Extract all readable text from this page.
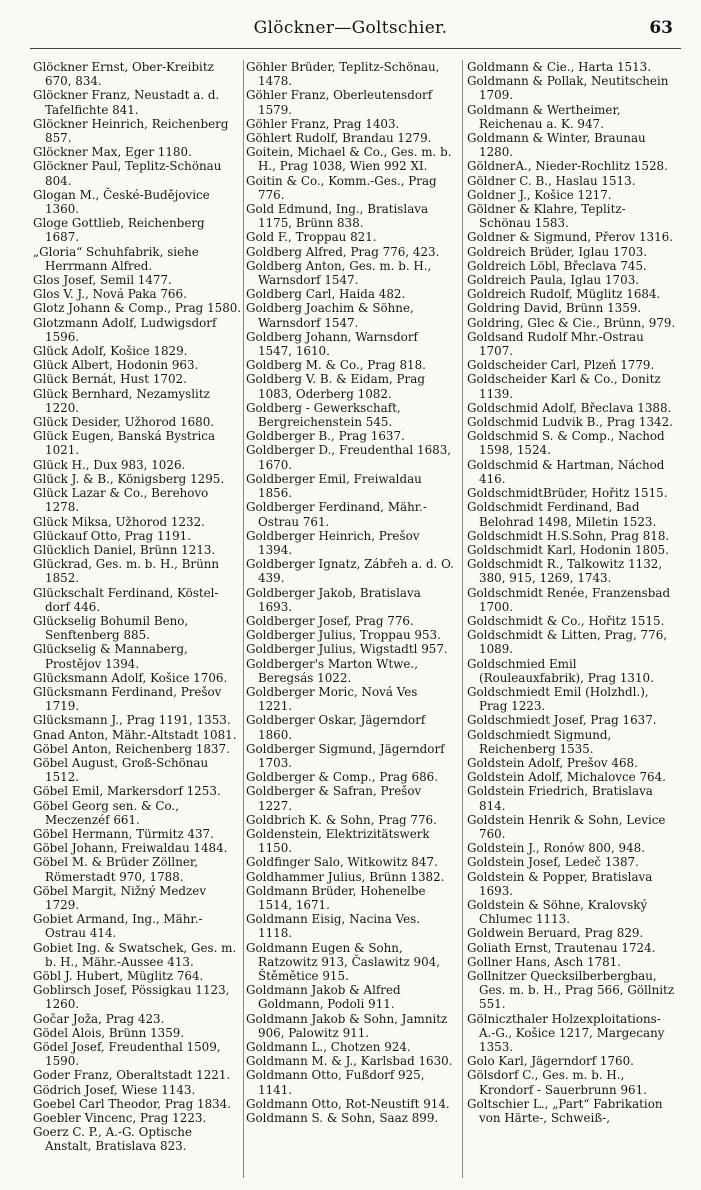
Glöckner—Goltschier.	63

Glöckner Ernst, Ober-Kreibitz 670, 834.

Glöckner Franz, Neustadt a. d. Tafelfichte 841.

Glöckner Heinrich, Reichenberg 857.

Glöckner Max, Eger 1180.

Glöckner Paul, Teplitz-Schönau 804.

Glogan M., České-Budějovice 1360.

Gloge Gottlieb, Reichenberg 1687.

„Gloria“ Schuhfabrik, siehe Herrmann Alfred.

Glos Josef, Semil 1477.

Glos V. J., Nová Paka 766.

Glotz Johann & Comp., Prag 1580.

Glotzmann Adolf, Ludwigsdorf 1596.

Glück Adolf, Košice 1829.

Glück Albert, Hodonin 963.

Glück Bernát, Hust 1702.

Glück Bernhard, Nezamyslitz 1220.

Glück Desider, Užhorod 1680.

Glück Eugen, Banská Bystrica 1021.

Glück H., Dux 983, 1026.

Glück J. & B., Königsberg 1295.

Glück Lazar & Co., Berehovo 1278.

Glück Miksa, Užhorod 1232.

Glückauf Otto, Prag 1191.

Glücklich Daniel, Brünn 1213.

Glückrad, Ges. m. b. H., Brünn 1852.

Glückschalt Ferdinand, Köstel-dorf 446.

Glückselig Bohumil Beno, Senftenberg 885.

Glückselig & Mannaberg, Prostějov 1394.

Glücksmann Adolf, Košice 1706.

Glücksmann Ferdinand, Prešov 1719.

Glücksmann J., Prag 1191, 1353.

Gnad Anton, Mähr.-Altstadt 1081.

Göbel Anton, Reichenberg 1837.

Göbel August, Groß-Schönau 1512.

Göbel Emil, Markersdorf 1253.

Göbel Georg sen. & Co., Meczenzéf 661.

Göbel Hermann, Türmitz 437.

Göbel Johann, Freiwaldau 1484.

Göbel M. & Brüder Zöllner, Römerstadt 970, 1788.

Göbel Margit, Nižný Medzev 1729.

Gobiet Armand, Ing., Mähr.-Ostrau 414.

Gobiet Ing. & Swatschek, Ges. m. b. H., Mähr.-Aussee 413.

Göbl J. Hubert, Müglitz 764.

Goblirsch Josef, Pössigkau 1123, 1260.

Gočar Joža, Prag 423.

Gödel Alois, Brünn 1359.

Gödel Josef, Freudenthal 1509, 1590.

Goder Franz, Oberaltstadt 1221.

Gödrich Josef, Wiese 1143.

Goebel Carl Theodor, Prag 1834.

Goebler Vincenc, Prag 1223.

Goerz C. P., A.-G. Optische Anstalt, Bratislava 823.

Göhler Brüder, Teplitz-Schönau, 1478.

Göhler Franz, Oberleutensdorf 1579.

Göhler Franz, Prag 1403.

Göhlert Rudolf, Brandau 1279.

Goitein, Michael & Co., Ges. m. b. H., Prag 1038, Wien 992 XI.

Goitin & Co., Komm.-Ges., Prag 776.

Gold Edmund, Ing., Bratislava 1175, Brünn 838.

Gold F., Troppau 821.

Goldberg Alfred, Prag 776, 423.

Goldberg Anton, Ges. m. b. H., Warnsdorf 1547.

Goldberg Carl, Haida 482.

Goldberg Joachim & Söhne, Warnsdorf 1547.

Goldberg Johann, Warnsdorf 1547, 1610.

Goldberg M. & Co., Prag 818.

Goldberg V. B. & Eidam, Prag 1083, Oderberg 1082.

Goldberg - Gewerkschaft, Bergreichenstein 545.

Goldberger B., Prag 1637.

Goldberger D., Freudenthal 1683, 1670.

Goldberger Emil, Freiwaldau 1856.

Goldberger Ferdinand, Mähr.-Ostrau 761.

Goldberger Heinrich, Prešov 1394.

Goldberger Ignatz, Zábřeh a. d. O. 439.

Goldberger Jakob, Bratislava 1693.

Goldberger Josef, Prag 776.

Goldberger Julius, Troppau 953.

Goldberger Julius, Wigstadtl 957.

Goldberger's Marton Wtwe., Beregsás 1022.

Goldberger Moric, Nová Ves 1221.

Goldberger Oskar, Jägerndorf 1860.

Goldberger Sigmund, Jägerndorf 1703.

Goldberger & Comp., Prag 686.

Goldberger & Safran, Prešov 1227.

Goldbrich K. & Sohn, Prag 776.

Goldenstein, Elektrizitätswerk 1150.

Goldfinger Salo, Witkowitz 847.

Goldhammer Julius, Brünn 1382.

Goldmann Brüder, Hohenelbe 1514, 1671.

Goldmann Eisig, Nacina Ves. 1118.

Goldmann Eugen & Sohn, Ratzowitz 913, Časlawitz 904, Štěmětice 915.

Goldmann Jakob & Alfred Goldmann, Podoli 911.

Goldmann Jakob & Sohn, Jamnitz 906, Palowitz 911.

Goldmann L., Chotzen 924.

Goldmann M. & J., Karlsbad 1630.

Goldmann Otto, Fußdorf 925, 1141.

Goldmann Otto, Rot-Neustift 914.

Goldmann S. & Sohn, Saaz 899.

Goldmann & Cie., Harta 1513.

Goldmann & Pollak, Neutitschein 1709.

Goldmann & Wertheimer, Reichenau a. K. 947.

Goldmann & Winter, Braunau 1280.

GöldnerA., Nieder-Rochlitz 1528.

Göldner C. B., Haslau 1513.

Goldner J., Košice 1217.

Göldner & Klahre, Teplitz-Schönau 1583.

Goldner & Sigmund, Přerov 1316.

Goldreich Brüder, Iglau 1703.

Goldreich Löbl, Břeclava 745.

Goldreich Paula, Iglau 1703.

Goldreich Rudolf, Müglitz 1684.

Goldring David, Brünn 1359.

Goldring, Glec & Cie., Brünn, 979.

Goldsand Rudolf Mhr.-Ostrau 1707.

Goldscheider Carl, Plzeň 1779.

Goldscheider Karl & Co., Donitz 1139.

Goldschmid Adolf, Břeclava 1388.

Goldschmid Ludvik B., Prag 1342.

Goldschmid S. & Comp., Nachod 1598, 1524.

Goldschmid & Hartman, Náchod 416.

GoldschmidtBrüder, Hořitz 1515.

Goldschmidt Ferdinand, Bad Belohrad 1498, Miletin 1523.

Goldschmidt H.S.Sohn, Prag 818.

Goldschmidt Karl, Hodonin 1805.

Goldschmidt R., Talkowitz 1132, 380, 915, 1269, 1743.

Goldschmidt Renée, Franzensbad 1700.

Goldschmidt & Co., Hořitz 1515.

Goldschmidt & Litten, Prag, 776, 1089.

Goldschmied Emil (Rouleauxfabrik), Prag 1310.

Goldschmiedt Emil (Holzhdl.), Prag 1223.

Goldschmiedt Josef, Prag 1637.

Goldschmiedt Sigmund, Reichenberg 1535.

Goldstein Adolf, Prešov 468.

Goldstein Adolf, Michalovce 764.

Goldstein Friedrich, Bratislava 814.

Goldstein Henrik & Sohn, Levice 760.

Goldstein J., Ronów 800, 948.

Goldstein Josef, Ledeč 1387.

Goldstein & Popper, Bratislava 1693.

Goldstein & Söhne, Kralovský Chlumec 1113.

Goldwein Beruard, Prag 829.

Goliath Ernst, Trautenau 1724.

Gollner Hans, Asch 1781.

Gollnitzer Quecksilberbergbau, Ges. m. b. H., Prag 566, Göllnitz 551.

Gölniczthaler Holzexploitations-A.-G., Košice 1217, Margecany 1353.

Golo Karl, Jägerndorf 1760.

Gölsdorf C., Ges. m. b. H., Krondorf - Sauerbrunn 961.

Goltschier L., „Part“ Fabrikation von Härte-, Schweiß-,
